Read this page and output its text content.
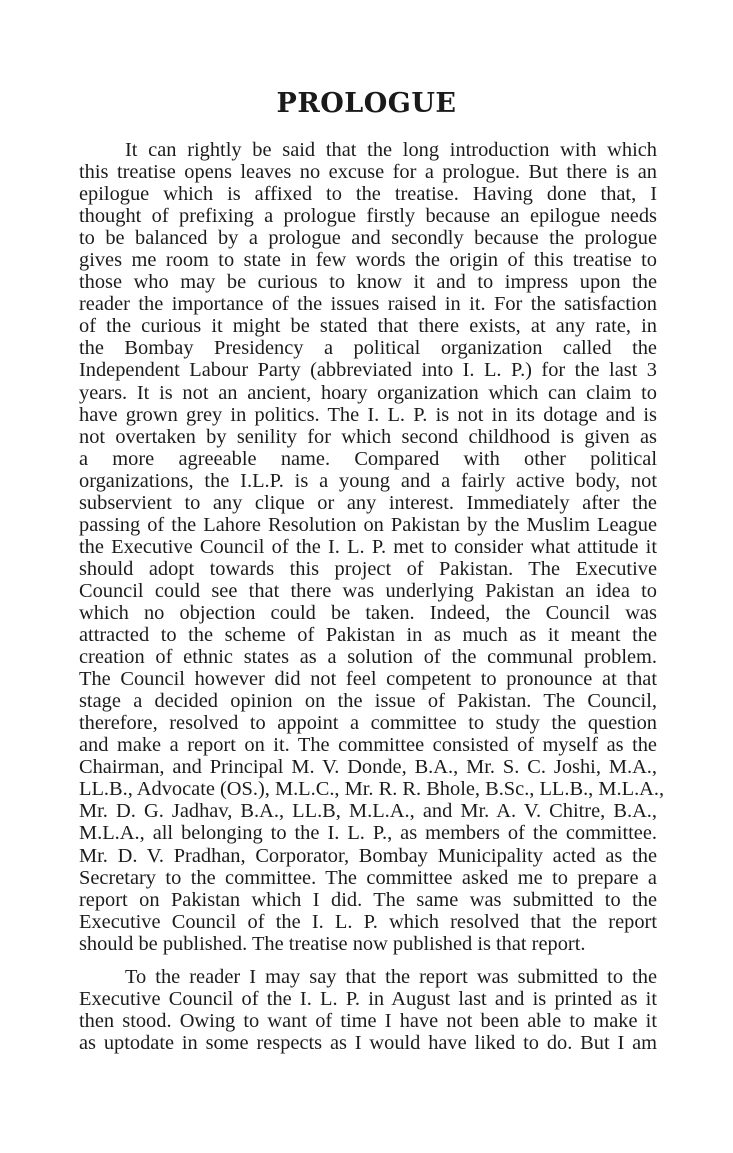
PROLOGUE
It can rightly be said that the long introduction with which
this treatise opens leaves no excuse for a prologue. But there is an
epilogue which is affixed to the treatise. Having done that, I
thought of prefixing a prologue firstly because an epilogue needs
to be balanced by a prologue and secondly because the prologue
gives me room to state in few words the origin of this treatise to
those who may be curious to know it and to impress upon the
reader the importance of the issues raised in it. For the satisfaction
of the curious it might be stated that there exists, at any rate, in
the Bombay Presidency a political organization called the
Independent Labour Party (abbreviated into I. L. P.) for the last 3
years. It is not an ancient, hoary organization which can claim to
have grown grey in politics. The I. L. P. is not in its dotage and is
not overtaken by senility for which second childhood is given as
a more agreeable name. Compared with other political
organizations, the I.L.P. is a young and a fairly active body, not
subservient to any clique or any interest. Immediately after the
passing of the Lahore Resolution on Pakistan by the Muslim League
the Executive Council of the I. L. P. met to consider what attitude it
should adopt towards this project of Pakistan. The Executive
Council could see that there was underlying Pakistan an idea to
which no objection could be taken. Indeed, the Council was
attracted to the scheme of Pakistan in as much as it meant the
creation of ethnic states as a solution of the communal problem.
The Council however did not feel competent to pronounce at that
stage a decided opinion on the issue of Pakistan. The Council,
therefore, resolved to appoint a committee to study the question
and make a report on it. The committee consisted of myself as the
Chairman, and Principal M. V. Donde, B.A., Mr. S. C. Joshi, M.A.,
LL.B., Advocate (OS.), M.L.C., Mr. R. R. Bhole, B.Sc., LL.B., M.L.A.,
Mr. D. G. Jadhav, B.A., LL.B, M.L.A., and Mr. A. V. Chitre, B.A.,
M.L.A., all belonging to the I. L. P., as members of the committee.
Mr. D. V. Pradhan, Corporator, Bombay Municipality acted as the
Secretary to the committee. The committee asked me to prepare a
report on Pakistan which I did. The same was submitted to the
Executive Council of the I. L. P. which resolved that the report
should be published. The treatise now published is that report.
To the reader I may say that the report was submitted to the
Executive Council of the I. L. P. in August last and is printed as it
then stood. Owing to want of time I have not been able to make it
as uptodate in some respects as I would have liked to do. But I am
